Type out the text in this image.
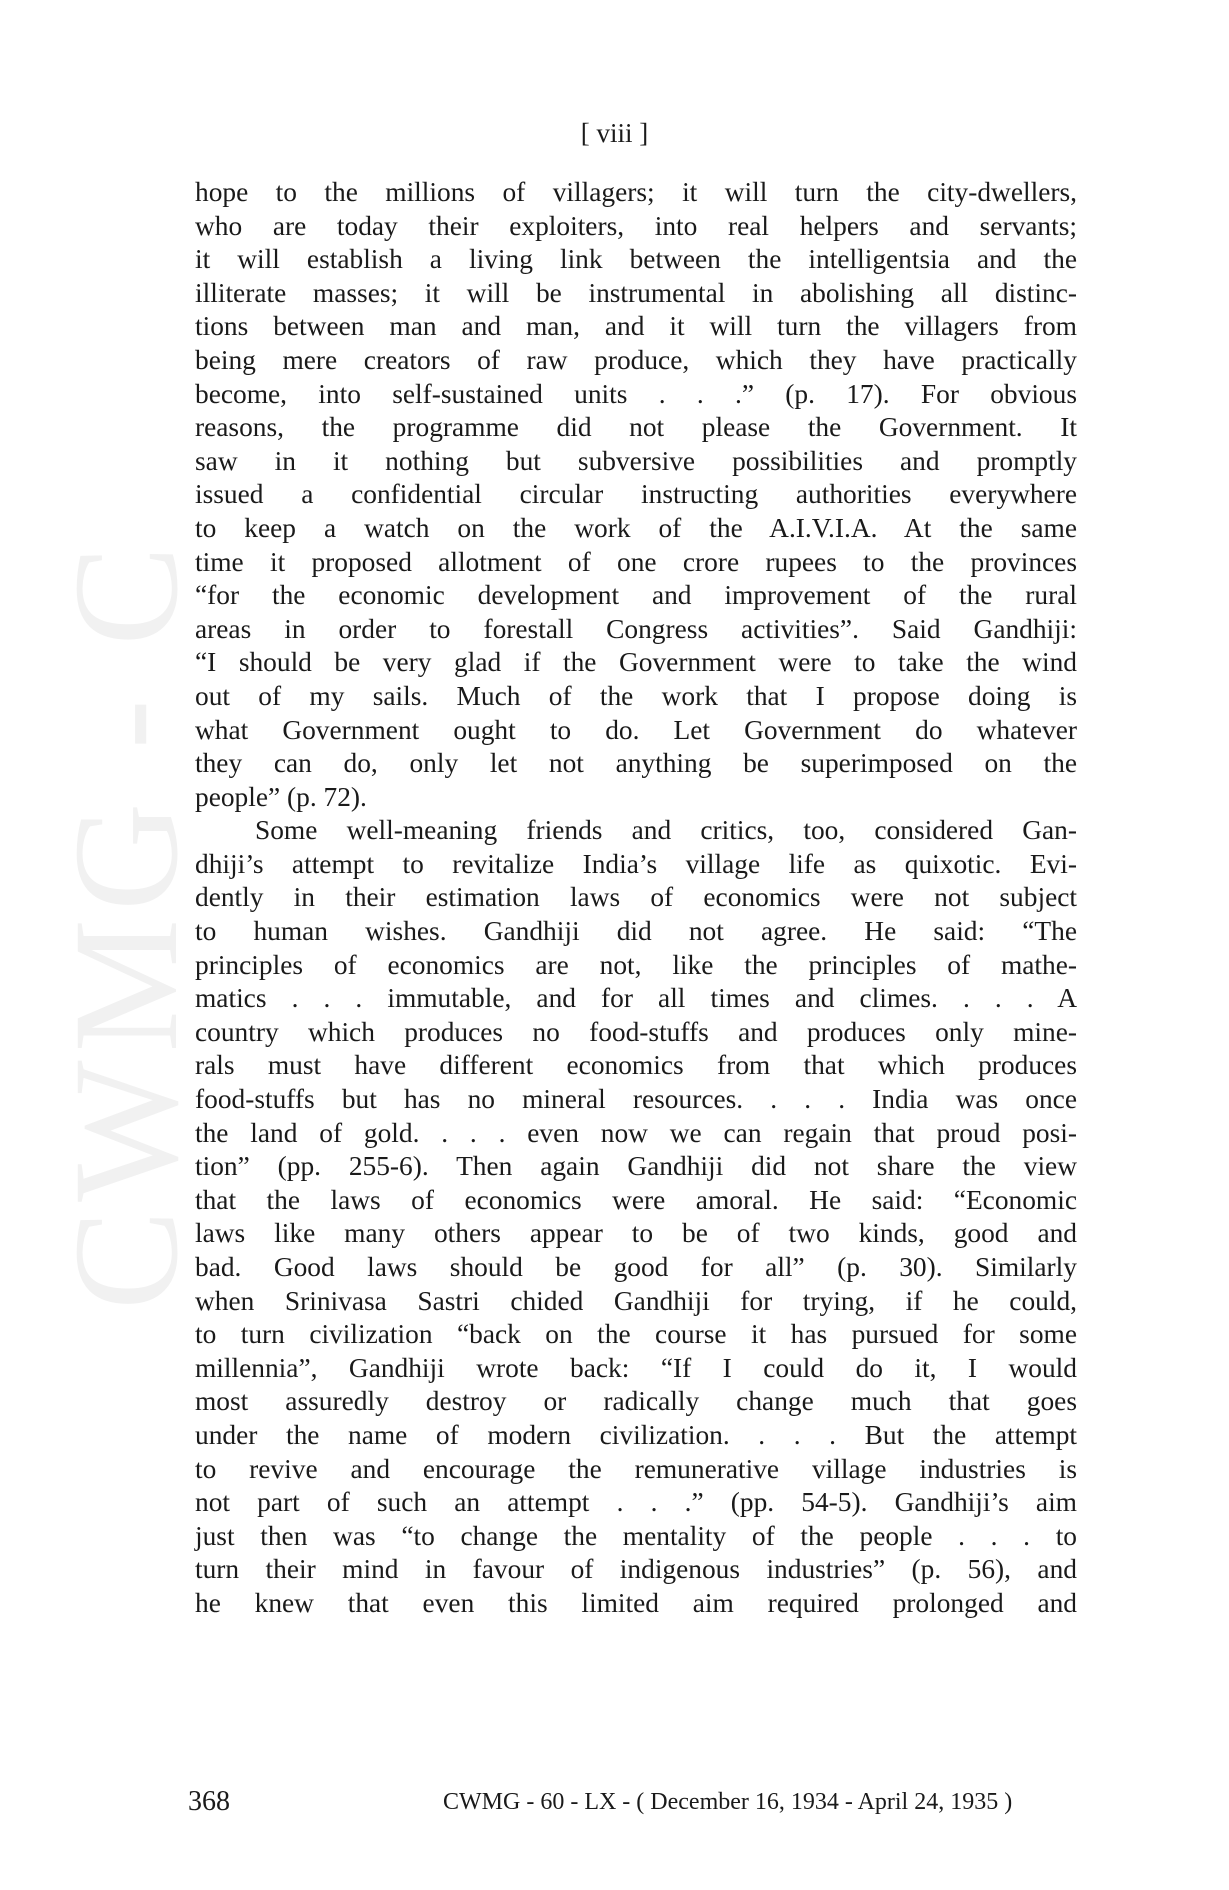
CWMG - C
[ viii ]
hope to the millions of villagers; it will turn the city-dwellers,
who are today their exploiters, into real helpers and servants;
it will establish a living link between the intelligentsia and the
illiterate masses; it will be instrumental in abolishing all distinc-
tions between man and man, and it will turn the villagers from
being mere creators of raw produce, which they have practically
become, into self-sustained units . . .” (p. 17). For obvious
reasons, the programme did not please the Government. It
saw in it nothing but subversive possibilities and promptly
issued a confidential circular instructing authorities everywhere
to keep a watch on the work of the A.I.V.I.A. At the same
time it proposed allotment of one crore rupees to the provinces
“for the economic development and improvement of the rural
areas in order to forestall Congress activities”. Said Gandhiji:
“I should be very glad if the Government were to take the wind
out of my sails. Much of the work that I propose doing is
what Government ought to do. Let Government do whatever
they can do, only let not anything be superimposed on the
people” (p. 72).
Some well-meaning friends and critics, too, considered Gan-
dhiji’s attempt to revitalize India’s village life as quixotic. Evi-
dently in their estimation laws of economics were not subject
to human wishes. Gandhiji did not agree. He said: “The
principles of economics are not, like the principles of mathe-
matics . . . immutable, and for all times and climes. . . . A
country which produces no food-stuffs and produces only mine-
rals must have different economics from that which produces
food-stuffs but has no mineral resources. . . . India was once
the land of gold. . . . even now we can regain that proud posi-
tion” (pp. 255-6). Then again Gandhiji did not share the view
that the laws of economics were amoral. He said: “Economic
laws like many others appear to be of two kinds, good and
bad. Good laws should be good for all” (p. 30). Similarly
when Srinivasa Sastri chided Gandhiji for trying, if he could,
to turn civilization “back on the course it has pursued for some
millennia”, Gandhiji wrote back: “If I could do it, I would
most assuredly destroy or radically change much that goes
under the name of modern civilization. . . . But the attempt
to revive and encourage the remunerative village industries is
not part of such an attempt . . .” (pp. 54-5). Gandhiji’s aim
just then was “to change the mentality of the people . . . to
turn their mind in favour of indigenous industries” (p. 56), and
he knew that even this limited aim required prolonged and
368	CWMG - 60 - LX - ( December 16, 1934 - April 24, 1935 )
